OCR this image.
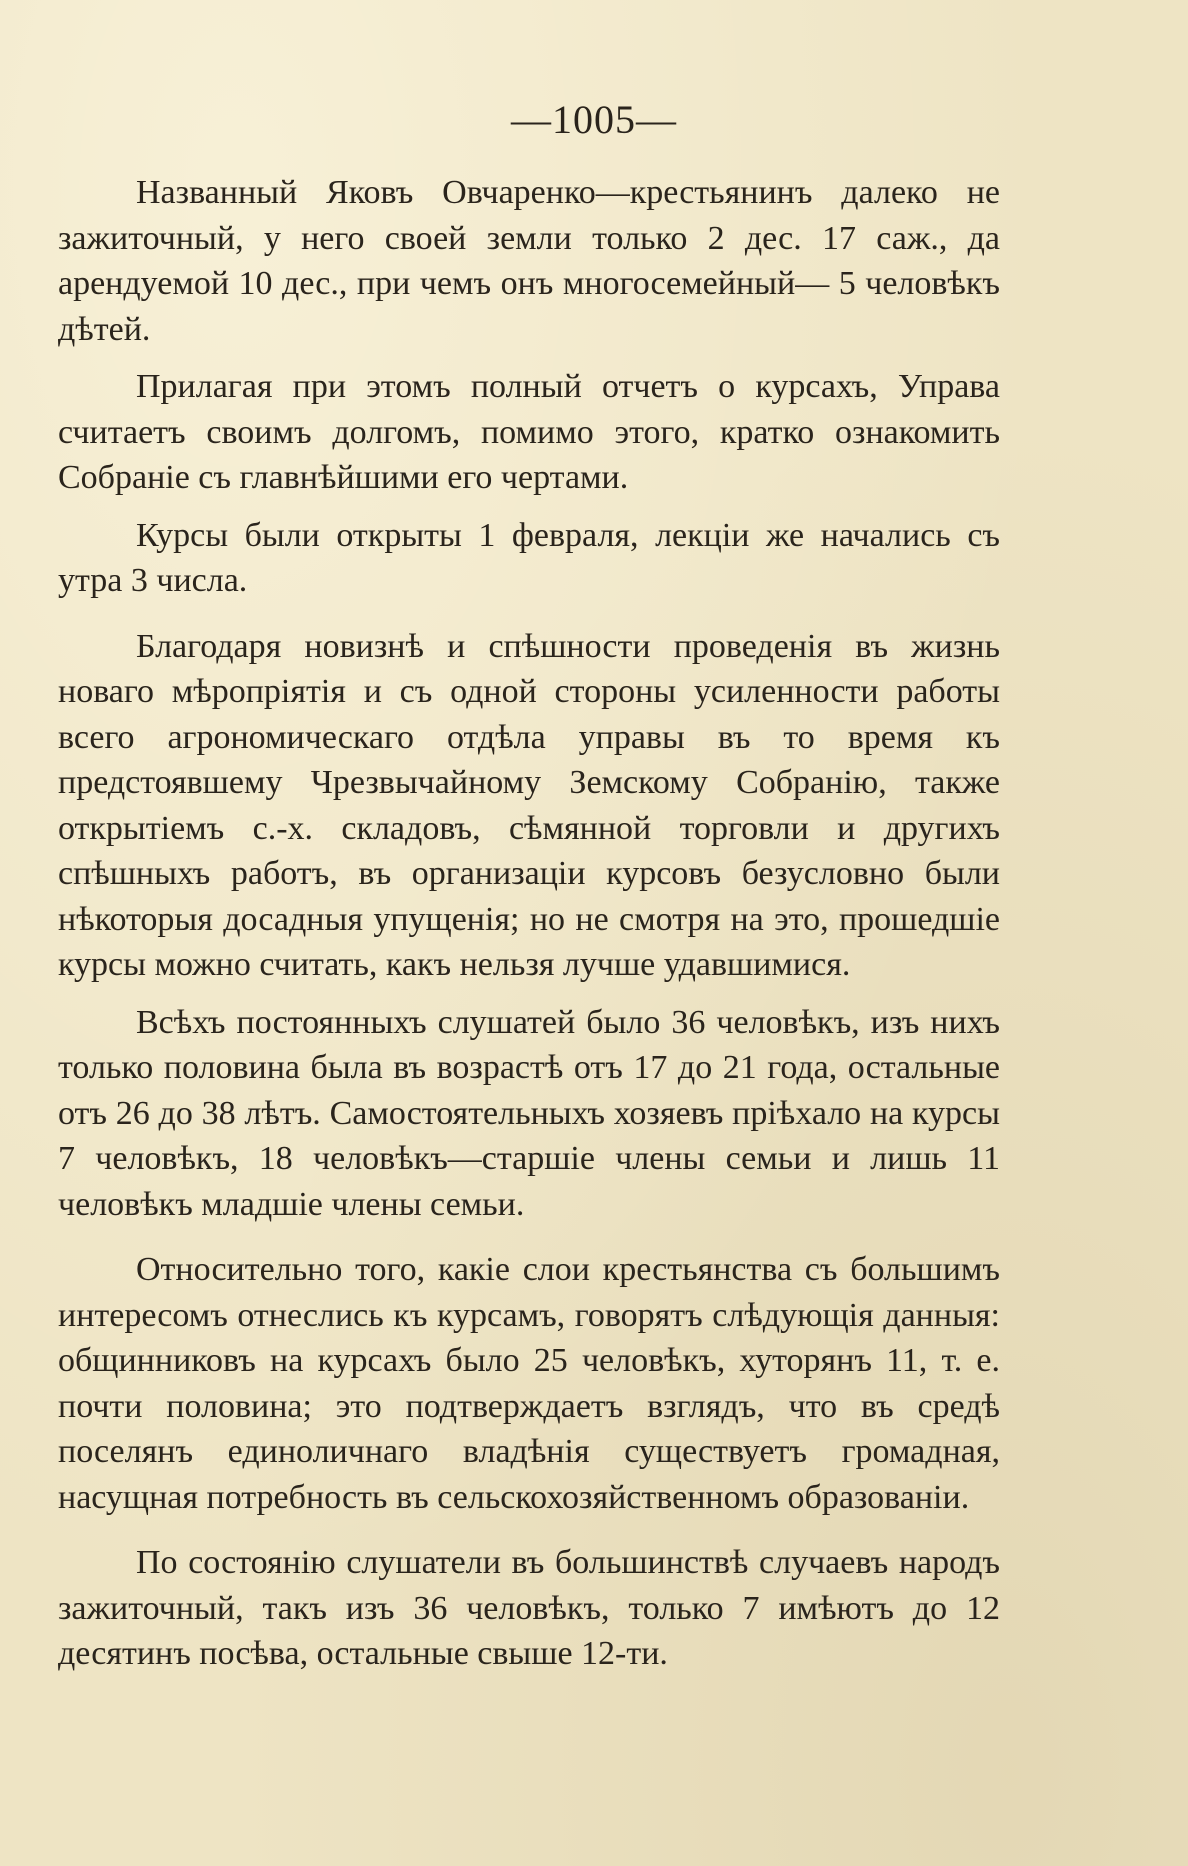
—1005—

Названный Яковъ Овчаренко—крестьянинъ далеко не зажиточный, у него своей земли только 2 дес. 17 саж., да арендуемой 10 дес., при чемъ онъ многосемейный— 5 человѣкъ дѣтей.

Прилагая при этомъ полный отчетъ о курсахъ, Управа считаетъ своимъ долгомъ, помимо этого, кратко ознакомить Собраніе съ главнѣйшими его чертами.

Курсы были открыты 1 февраля, лекціи же начались съ утра 3 числа.

Благодаря новизнѣ и спѣшности проведенія въ жизнь новаго мѣропріятія и съ одной стороны усиленности работы всего агрономическаго отдѣла управы въ то время къ предстоявшему Чрезвычайному Земскому Собранію, также открытіемъ с.-х. складовъ, сѣмянной торговли и другихъ спѣшныхъ работъ, въ организаціи курсовъ безусловно были нѣкоторыя досадныя упущенія; но не смотря на это, прошедшіе курсы можно считать, какъ нельзя лучше удавшимися.

Всѣхъ постоянныхъ слушатей было 36 человѣкъ, изъ нихъ только половина была въ возрастѣ отъ 17 до 21 года, остальные отъ 26 до 38 лѣтъ. Самостоятельныхъ хозяевъ пріѣхало на курсы 7 человѣкъ, 18 человѣкъ—старшіе члены семьи и лишь 11 человѣкъ младшіе члены семьи.

Относительно того, какіе слои крестьянства съ большимъ интересомъ отнеслись къ курсамъ, говорятъ слѣдующія данныя: общинниковъ на курсахъ было 25 человѣкъ, хуторянъ 11, т. е. почти половина; это подтверждаетъ взглядъ, что въ средѣ поселянъ единоличнаго владѣнія существуетъ громадная, насущная потребность въ сельскохозяйственномъ образованіи.

По состоянію слушатели въ большинствѣ случаевъ народъ зажиточный, такъ изъ 36 человѣкъ, только 7 имѣютъ до 12 десятинъ посѣва, остальные свыше 12-ти.
